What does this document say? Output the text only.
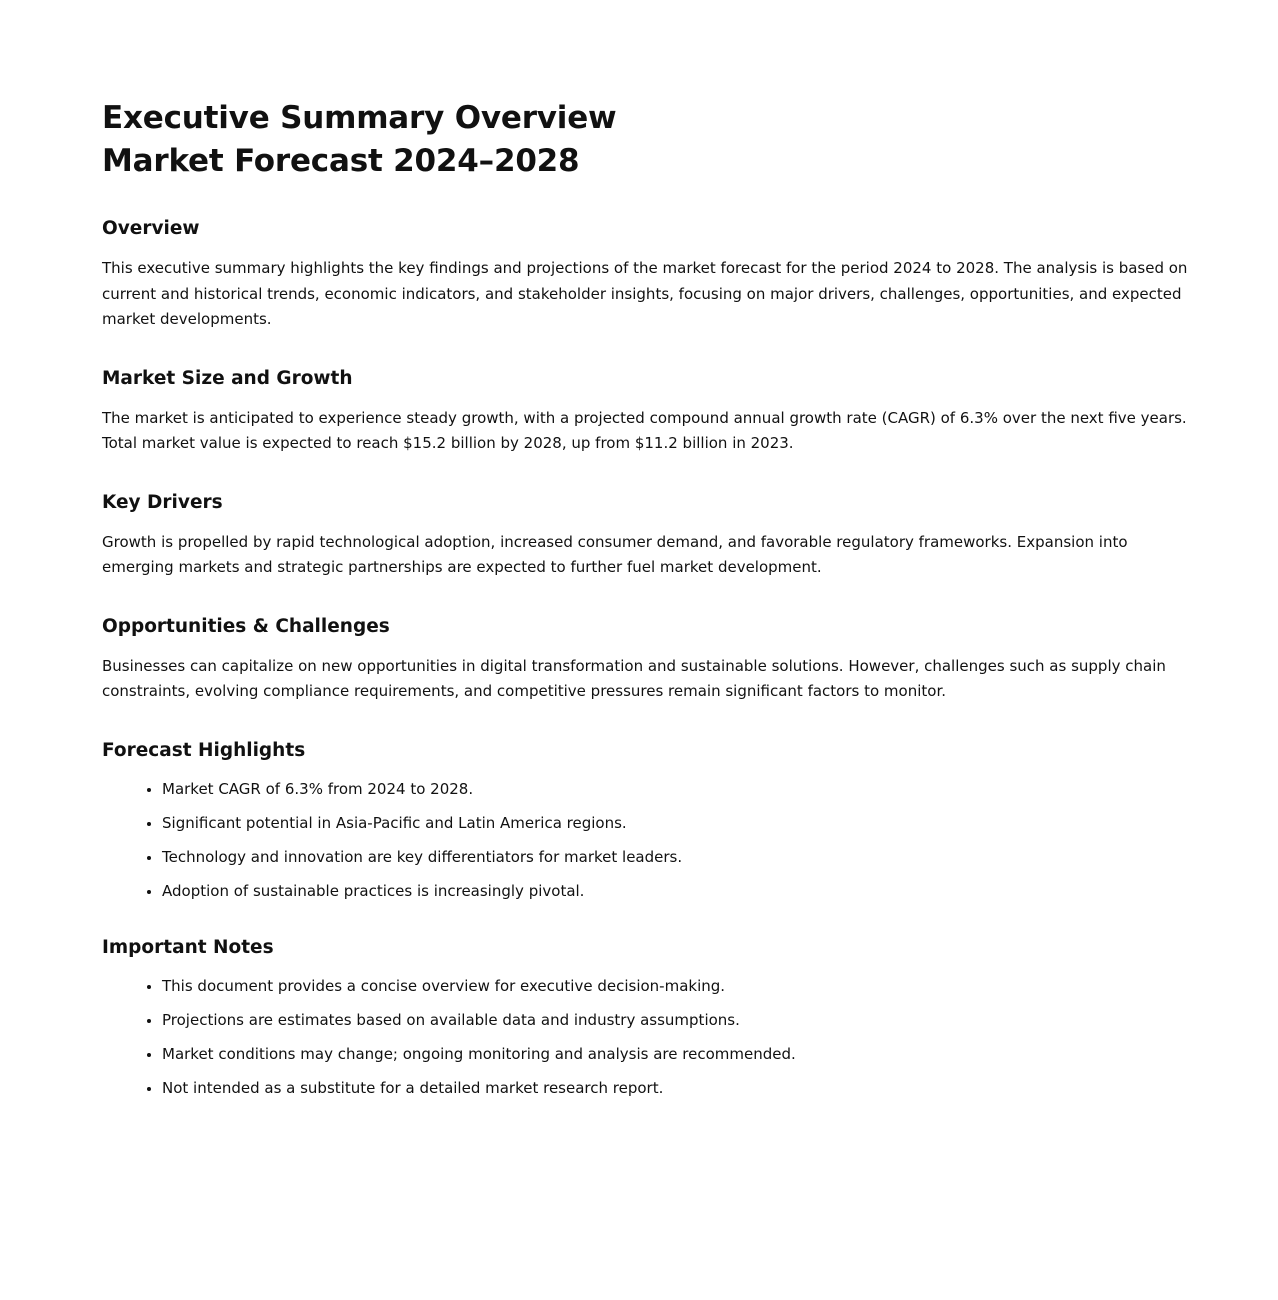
Executive Summary Overview
Market Forecast 2024–2028
Overview

This executive summary highlights the key findings and projections of the market forecast for the period 2024 to 2028. The analysis is based on current and historical trends, economic indicators, and stakeholder insights, focusing on major drivers, challenges, opportunities, and expected market developments.

Market Size and Growth

The market is anticipated to experience steady growth, with a projected compound annual growth rate (CAGR) of 6.3% over the next five years. Total market value is expected to reach $15.2 billion by 2028, up from $11.2 billion in 2023.

Key Drivers

Growth is propelled by rapid technological adoption, increased consumer demand, and favorable regulatory frameworks. Expansion into emerging markets and strategic partnerships are expected to further fuel market development.

Opportunities & Challenges

Businesses can capitalize on new opportunities in digital transformation and sustainable solutions. However, challenges such as supply chain constraints, evolving compliance requirements, and competitive pressures remain significant factors to monitor.

Forecast Highlights
• Market CAGR of 6.3% from 2024 to 2028.
• Significant potential in Asia-Pacific and Latin America regions.
• Technology and innovation are key differentiators for market leaders.
• Adoption of sustainable practices is increasingly pivotal.
Important Notes
• This document provides a concise overview for executive decision-making.
• Projections are estimates based on available data and industry assumptions.
• Market conditions may change; ongoing monitoring and analysis are recommended.
• Not intended as a substitute for a detailed market research report.
